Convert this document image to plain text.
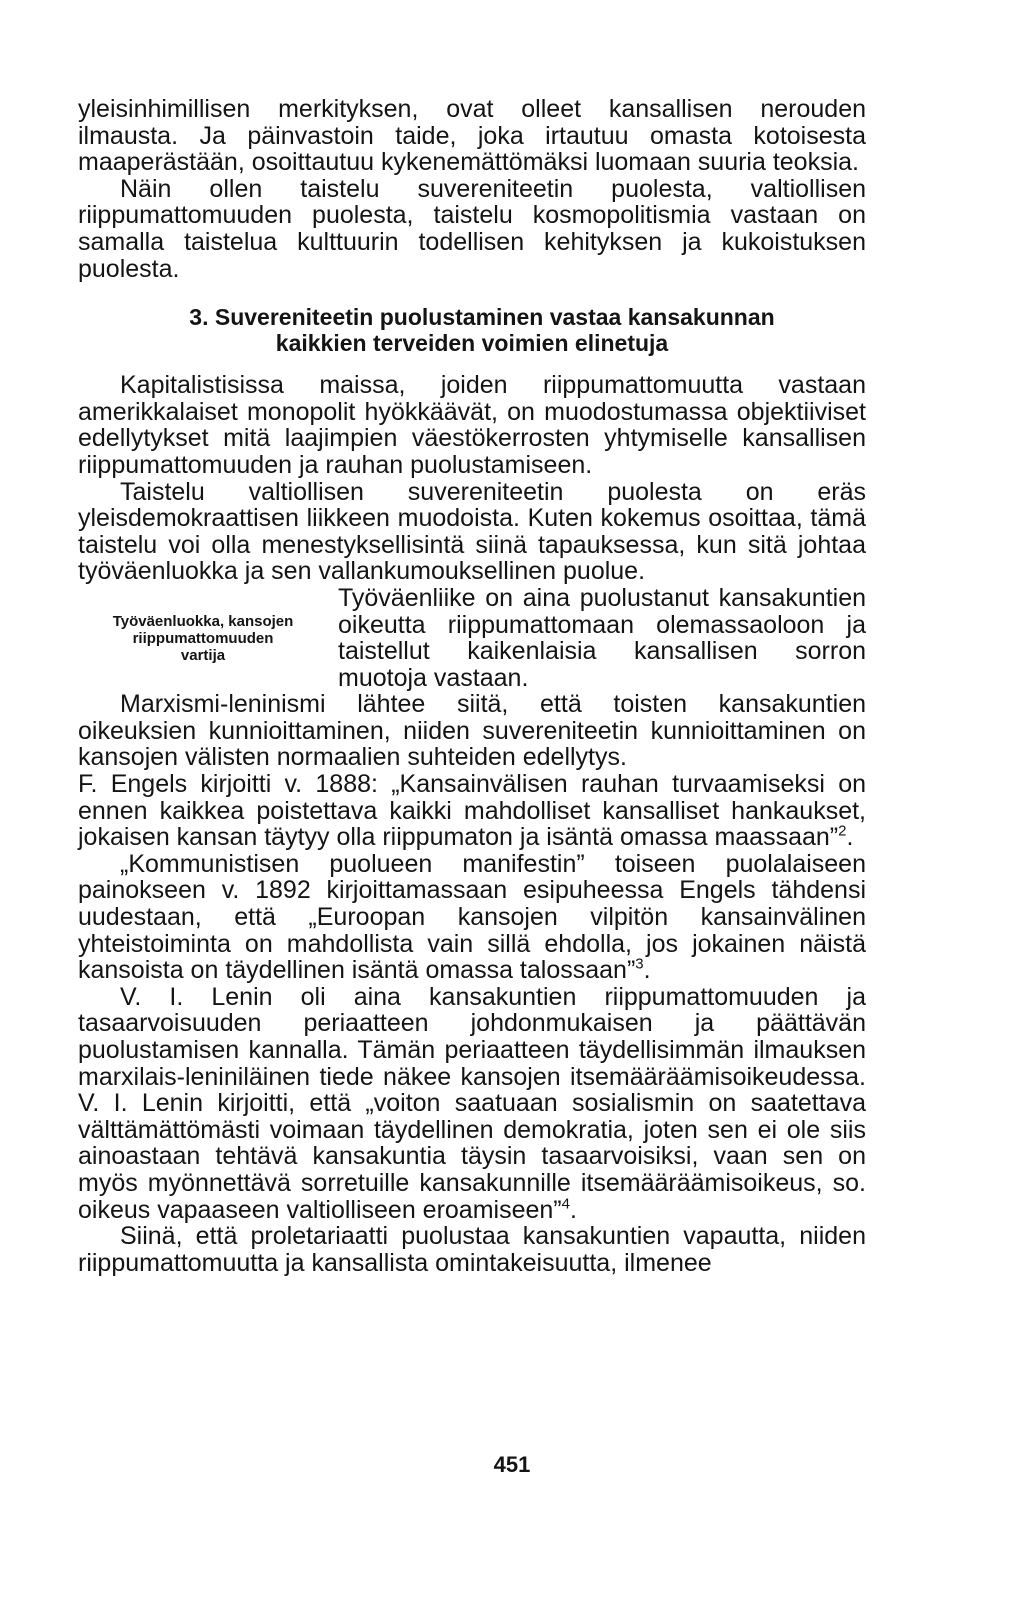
yleisinhimillisen merkityksen, ovat olleet kansallisen nerouden ilmausta. Ja päinvastoin taide, joka irtautuu omasta kotoisesta maaperästään, osoittautuu kykenemättömäksi luomaan suuria teoksia.

Näin ollen taistelu suvereniteetin puolesta, valtiollisen riippumattomuuden puolesta, taistelu kosmopolitismia vastaan on samalla taistelua kulttuurin todellisen kehityksen ja kukoistuksen puolesta.

3. Suvereniteetin puolustaminen vastaa kansakunnan
kaikkien terveiden voimien elinetuja

Kapitalistisissa maissa, joiden riippumattomuutta vastaan amerikkalaiset monopolit hyökkäävät, on muodostumassa objektiiviset edellytykset mitä laajimpien väestökerrosten yhtymiselle kansallisen riippumattomuuden ja rauhan puolustamiseen.

Taistelu valtiollisen suvereniteetin puolesta on eräs yleisdemokraattisen liikkeen muodoista. Kuten kokemus osoittaa, tämä taistelu voi olla menestyksellisintä siinä tapauksessa, kun sitä johtaa työväenluokka ja sen vallankumouksellinen puolue.

Työväenluokka, kansojen
riippumattomuuden
vartija

Työväenliike on aina puolustanut kansakuntien oikeutta riippumattomaan olemassaoloon ja taistellut kaikenlaisia kansallisen sorron muotoja vastaan.

Marxismi-leninismi lähtee siitä, että toisten kansakuntien oikeuksien kunnioittaminen, niiden suvereniteetin kunnioittaminen on kansojen välisten normaalien suhteiden edellytys.

F. Engels kirjoitti v. 1888: „Kansainvälisen rauhan turvaamiseksi on ennen kaikkea poistettava kaikki mahdolliset kansalliset hankaukset, jokaisen kansan täytyy olla riippumaton ja isäntä omassa maassaan”$^2$.

„Kommunistisen puolueen manifestin” toiseen puolalaiseen painokseen v. 1892 kirjoittamassaan esipuheessa Engels tähdensi uudestaan, että „Euroopan kansojen vilpitön kansainvälinen yhteistoiminta on mahdollista vain sillä ehdolla, jos jokainen näistä kansoista on täydellinen isäntä omassa talossaan”$^3$.

V. I. Lenin oli aina kansakuntien riippumattomuuden ja tasaarvoisuuden periaatteen johdonmukaisen ja päättävän puolustamisen kannalla. Tämän periaatteen täydellisimmän ilmauksen marxilais-leniniläinen tiede näkee kansojen itsemääräämisoikeudessa. V. I. Lenin kirjoitti, että „voiton saatuaan sosialismin on saatettava välttämättömästi voimaan täydellinen demokratia, joten sen ei ole siis ainoastaan tehtävä kansakuntia täysin tasaarvoisiksi, vaan sen on myös myönnettävä sorretuille kansakunnille itsemääräämisoikeus, so. oikeus vapaaseen valtiolliseen eroamiseen”$^4$.

Siinä, että proletariaatti puolustaa kansakuntien vapautta, niiden riippumattomuutta ja kansallista omintakeisuutta, ilmenee

451
